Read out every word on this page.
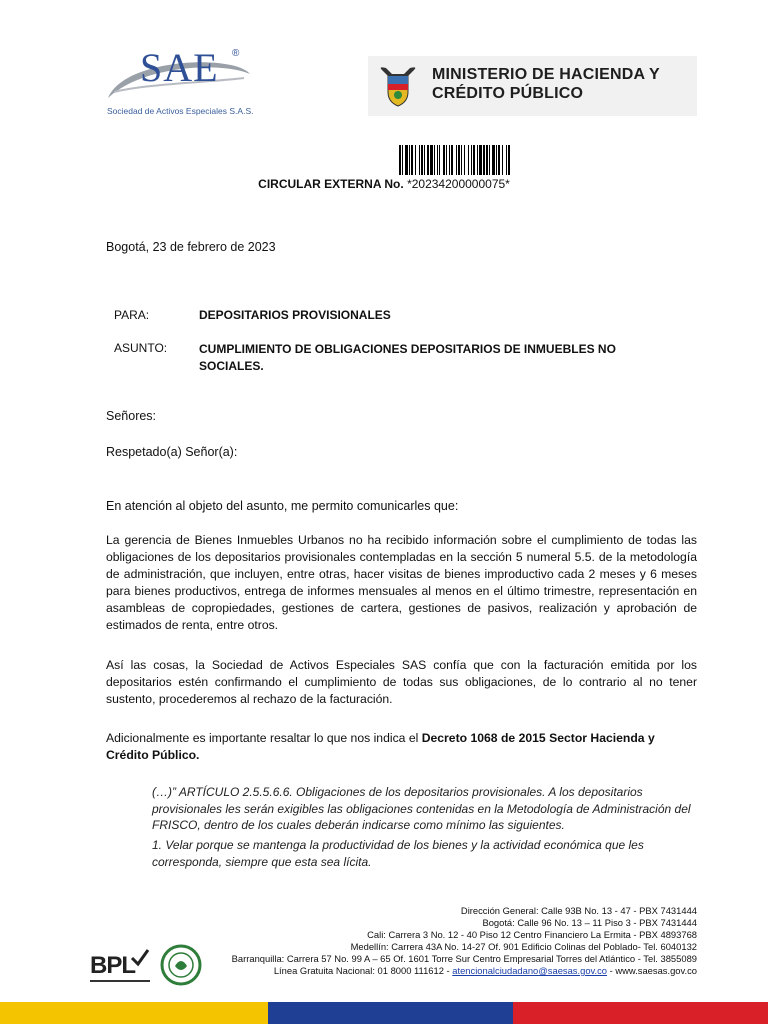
SAE ®
Sociedad de Activos Especiales S.A.S.
MINISTERIO DE HACIENDA Y
CRÉDITO PÚBLICO
CIRCULAR EXTERNA No. *20234200000075*
Bogotá, 23 de febrero de 2023
PARA:	DEPOSITARIOS PROVISIONALES
ASUNTO:	CUMPLIMIENTO DE OBLIGACIONES DEPOSITARIOS DE INMUEBLES NO
SOCIALES.
Señores:
Respetado(a) Señor(a):
En atención al objeto del asunto, me permito comunicarles que:
La gerencia de Bienes Inmuebles Urbanos no ha recibido información sobre el cumplimiento de todas las obligaciones de los depositarios provisionales contempladas en la sección 5 numeral 5.5. de la metodología de administración, que incluyen, entre otras, hacer visitas de bienes improductivo cada 2 meses y 6 meses para bienes productivos, entrega de informes mensuales al menos en el último trimestre, representación en asambleas de copropiedades, gestiones de cartera, gestiones de pasivos, realización y aprobación de estimados de renta, entre otros.
Así las cosas, la Sociedad de Activos Especiales SAS confía que con la facturación emitida por los depositarios estén confirmando el cumplimiento de todas sus obligaciones, de lo contrario al no tener sustento, procederemos al rechazo de la facturación.
Adicionalmente es importante resaltar lo que nos indica el Decreto 1068 de 2015 Sector Hacienda y Crédito Público.
(…)” ARTÍCULO 2.5.5.6.6. Obligaciones de los depositarios provisionales. A los depositarios provisionales les serán exigibles las obligaciones contenidas en la Metodología de Administración del FRISCO, dentro de los cuales deberán indicarse como mínimo las siguientes.
1. Velar porque se mantenga la productividad de los bienes y la actividad económica que les corresponda, siempre que esta sea lícita.
Dirección General: Calle 93B No. 13 - 47 - PBX 7431444
Bogotá: Calle 96 No. 13 – 11 Piso 3 - PBX 7431444
Cali: Carrera 3 No. 12 - 40 Piso 12 Centro Financiero La Ermita - PBX 4893768
Medellín: Carrera 43A No. 14-27 Of. 901 Edificio Colinas del Poblado- Tel. 6040132
Barranquilla: Carrera 57 No. 99 A – 65 Of. 1601 Torre Sur Centro Empresarial Torres del Atlántico - Tel. 3855089
Línea Gratuita Nacional: 01 8000 111612 - atencionalciudadano@saesas.gov.co - www.saesas.gov.co
BPL
